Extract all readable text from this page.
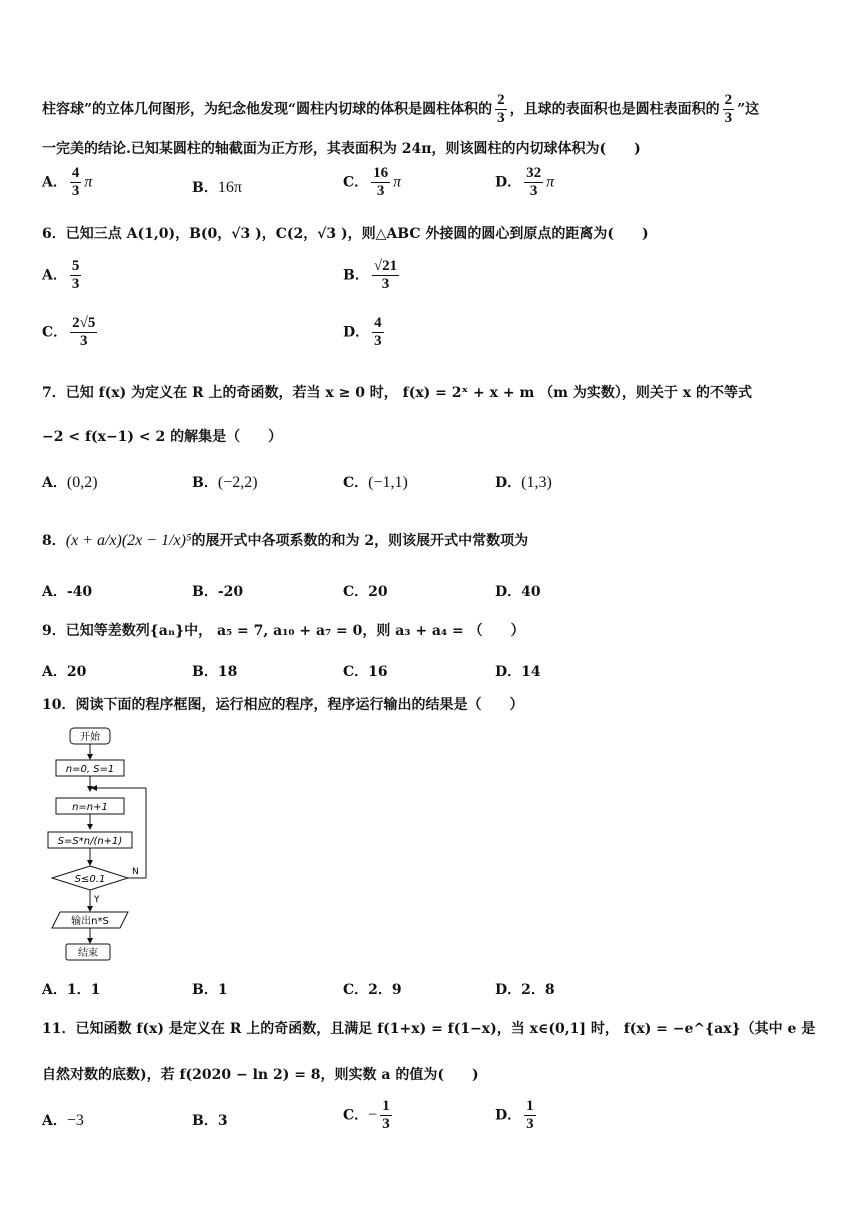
柱容球”的立体几何图形，为纪念他发现“圆柱内切球的体积是圆柱体积的 $\frac{2}{3}$ ，且球的表面积也是圆柱表面积的 $\frac{2}{3}$ ”这
一完美的结论.已知某圆柱的轴截面为正方形，其表面积为 24π，则该圆柱的内切球体积为(　　)
A． $\frac{4}{3}$ π	B．16π	C． $\frac{16}{3}$ π	D． $\frac{32}{3}$ π
6．已知三点 A(1,0)，B(0，√3 )，C(2，√3 )，则△ABC 外接圆的圆心到原点的距离为(　　)
A． $\frac{5}{3}$	B． $\frac{√21}{3}$
C． $\frac{2√5}{3}$	D． $\frac{4}{3}$
7．已知 f(x) 为定义在 R 上的奇函数，若当 x ≥ 0 时， f(x) = 2ˣ + x + m （m 为实数），则关于 x 的不等式
−2 < f(x−1) < 2 的解集是（　　）
A．(0,2)	B．(−2,2)	C．(−1,1)	D．(1,3)
8．(x + a/x)(2x − 1/x)⁵的展开式中各项系数的和为 2，则该展开式中常数项为
A．-40	B．-20	C．20	D．40
9．已知等差数列{aₙ}中， a₅ = 7, a₁₀ + a₇ = 0，则 a₃ + a₄ = （　　）
A．20	B．18	C．16	D．14
10．阅读下面的程序框图，运行相应的程序，程序运行输出的结果是（　　）
开始
n=0, S=1
n=n+1
S=S*n/(n+1)
S≤0.1
N
Y
输出n*S
结束
A．1．1	B．1	C．2．9	D．2．8
11．已知函数 f(x) 是定义在 R 上的奇函数，且满足 f(1+x) = f(1−x)，当 x∈(0,1] 时， f(x) = −e^{ax}（其中 e 是
自然对数的底数)，若 f(2020 − ln 2) = 8，则实数 a 的值为(　　)
A．−3	B．3	C．− $\frac{1}{3}$	D． $\frac{1}{3}$
